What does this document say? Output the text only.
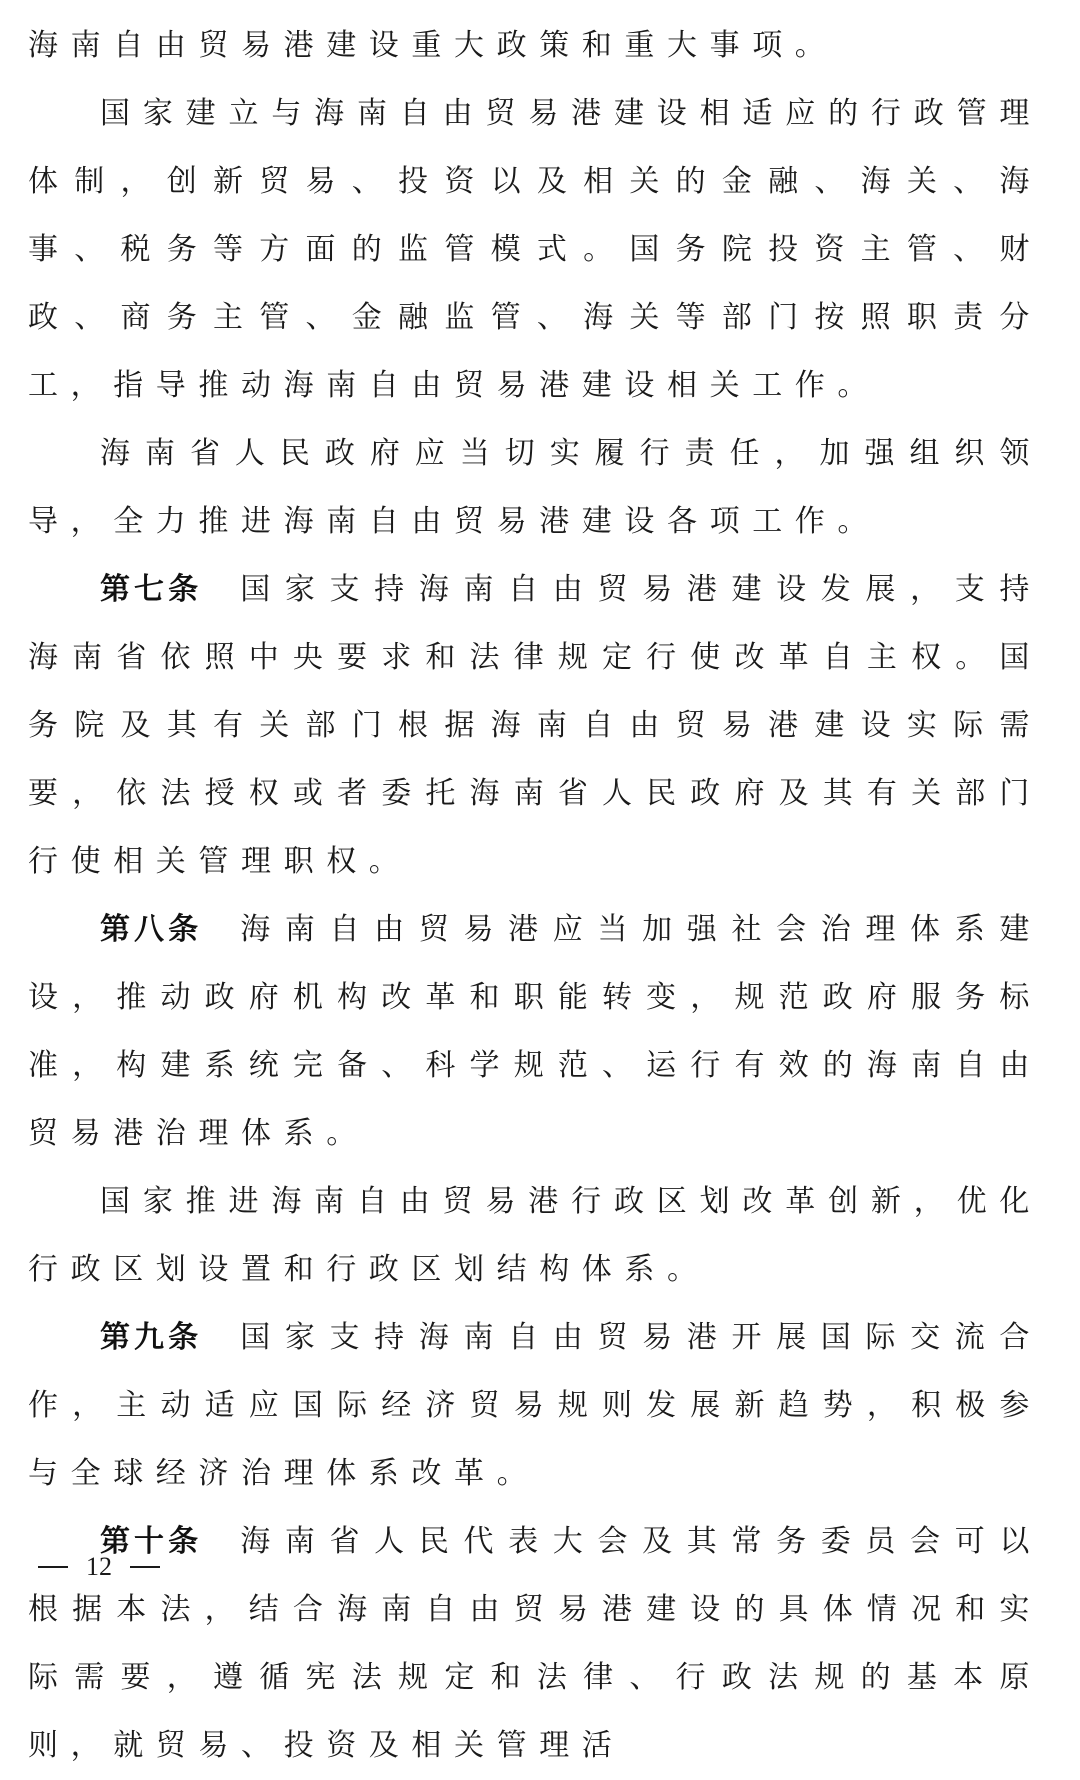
海南自由贸易港建设重大政策和重大事项。

国家建立与海南自由贸易港建设相适应的行政管理体制，创新贸易、投资以及相关的金融、海关、海事、税务等方面的监管模式。国务院投资主管、财政、商务主管、金融监管、海关等部门按照职责分工，指导推动海南自由贸易港建设相关工作。

海南省人民政府应当切实履行责任，加强组织领导，全力推进海南自由贸易港建设各项工作。

第七条 国家支持海南自由贸易港建设发展，支持海南省依照中央要求和法律规定行使改革自主权。国务院及其有关部门根据海南自由贸易港建设实际需要，依法授权或者委托海南省人民政府及其有关部门行使相关管理职权。

第八条 海南自由贸易港应当加强社会治理体系建设，推动政府机构改革和职能转变，规范政府服务标准，构建系统完备、科学规范、运行有效的海南自由贸易港治理体系。

国家推进海南自由贸易港行政区划改革创新，优化行政区划设置和行政区划结构体系。

第九条 国家支持海南自由贸易港开展国际交流合作，主动适应国际经济贸易规则发展新趋势，积极参与全球经济治理体系改革。

第十条 海南省人民代表大会及其常务委员会可以根据本法，结合海南自由贸易港建设的具体情况和实际需要，遵循宪法规定和法律、行政法规的基本原则，就贸易、投资及相关管理活

12
